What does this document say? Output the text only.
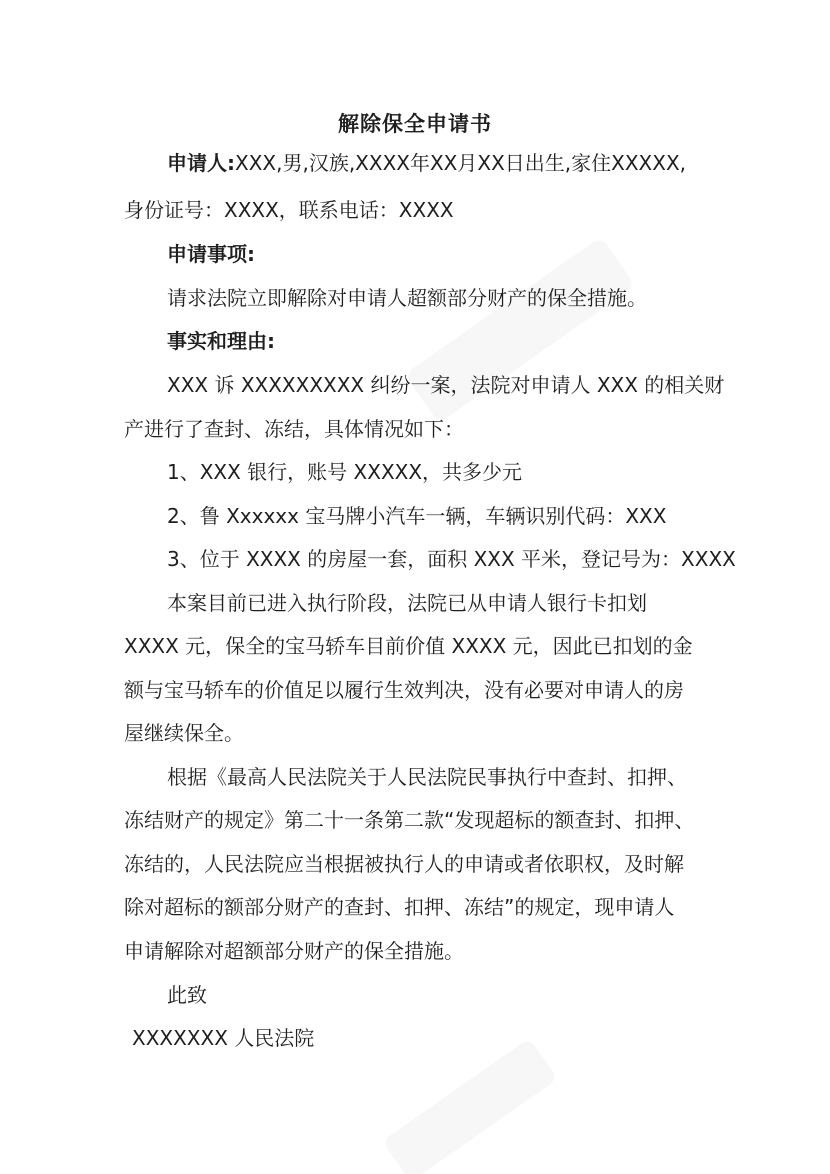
解除保全申请书
申请人:XXX,男,汉族,XXXX年XX月XX日出生,家住XXXXX,
身份证号：XXXX，联系电话：XXXX
申请事项:
请求法院立即解除对申请人超额部分财产的保全措施。
事实和理由:
XXX 诉 XXXXXXXXX 纠纷一案，法院对申请人 XXX 的相关财
产进行了查封、冻结，具体情况如下：
1、XXX 银行，账号 XXXXX，共多少元
2、鲁 Xxxxxx 宝马牌小汽车一辆，车辆识别代码：XXX
3、位于 XXXX 的房屋一套，面积 XXX 平米，登记号为：XXXX
本案目前已进入执行阶段，法院已从申请人银行卡扣划
XXXX 元，保全的宝马轿车目前价值 XXXX 元，因此已扣划的金
额与宝马轿车的价值足以履行生效判决，没有必要对申请人的房
屋继续保全。
根据《最高人民法院关于人民法院民事执行中查封、扣押、
冻结财产的规定》第二十一条第二款“发现超标的额查封、扣押、
冻结的，人民法院应当根据被执行人的申请或者依职权，及时解
除对超标的额部分财产的查封、扣押、冻结”的规定，现申请人
申请解除对超额部分财产的保全措施。
此致
XXXXXXX 人民法院
